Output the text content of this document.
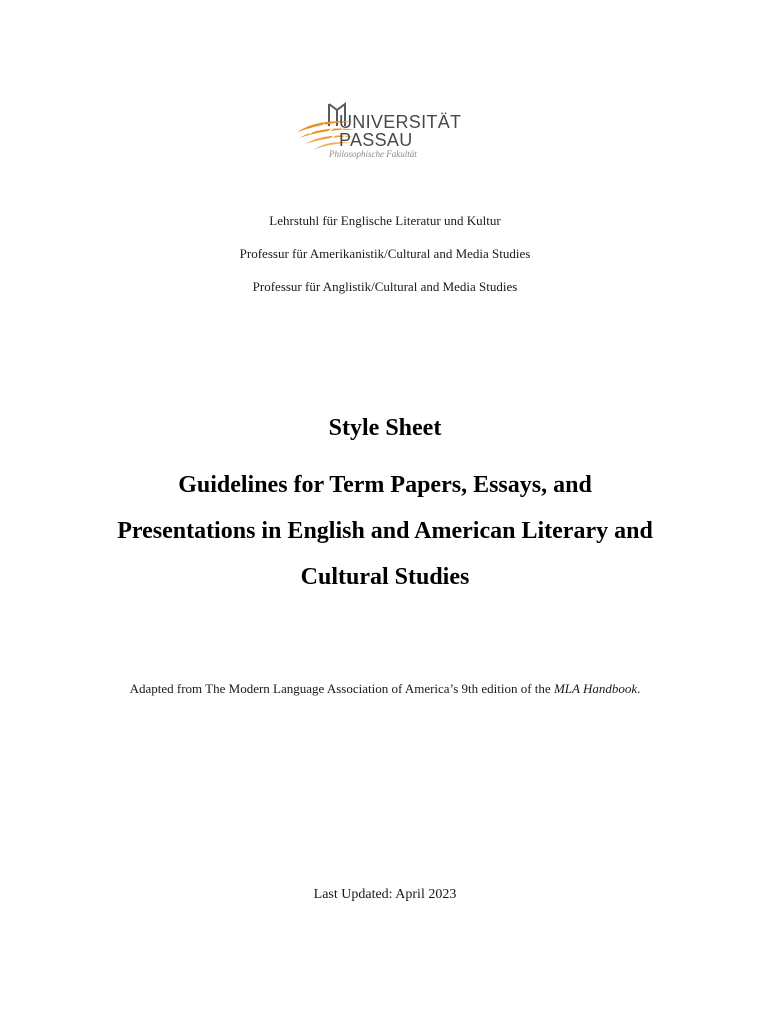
UNIVERSITÄT
PASSAU
Philosophische Fakultät
Lehrstuhl für Englische Literatur und Kultur
Professur für Amerikanistik/Cultural and Media Studies
Professur für Anglistik/Cultural and Media Studies
Style Sheet
Guidelines for Term Papers, Essays, and Presentations in English and American Literary and Cultural Studies
Adapted from The Modern Language Association of America’s 9th edition of the MLA Handbook.
Last Updated: April 2023
